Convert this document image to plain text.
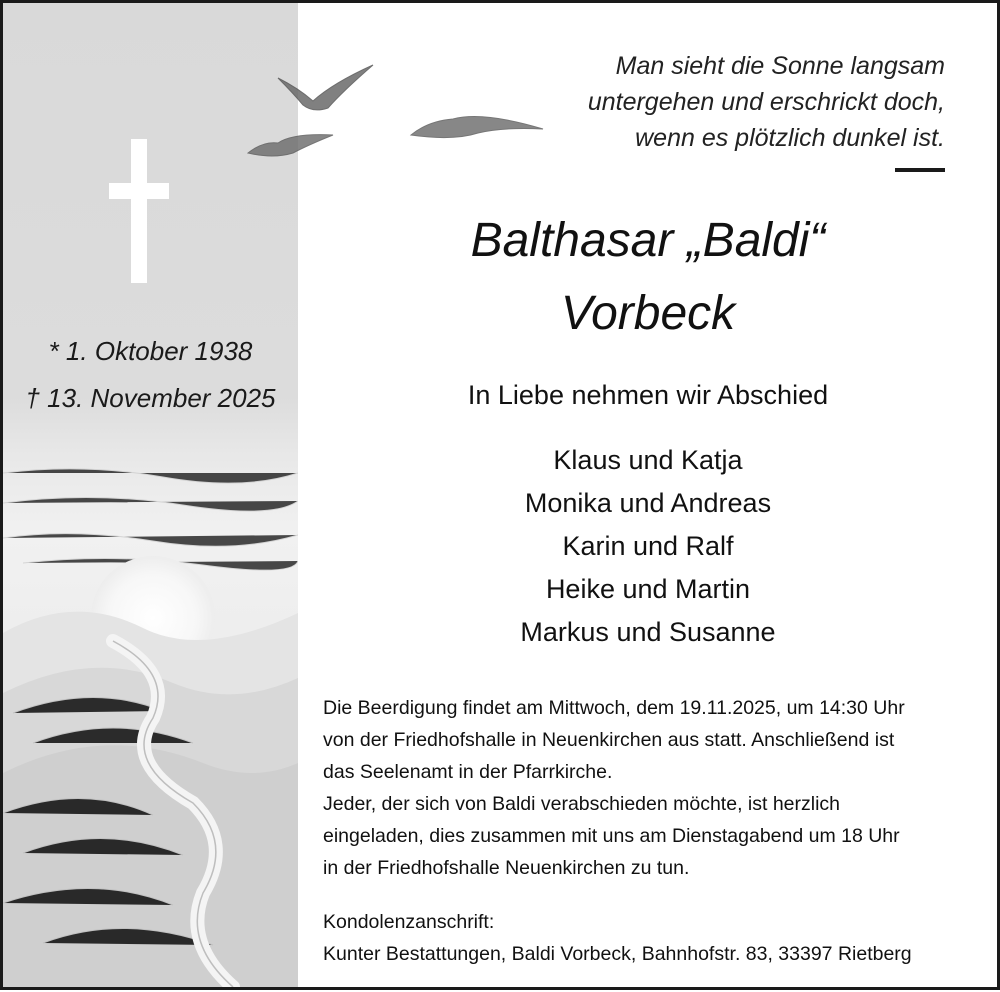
* 1. Oktober 1938
† 13. November 2025
Man sieht die Sonne langsam
untergehen und erschrickt doch,
wenn es plötzlich dunkel ist.
Balthasar „Baldi“
Vorbeck
In Liebe nehmen wir Abschied
Klaus und Katja
Monika und Andreas
Karin und Ralf
Heike und Martin
Markus und Susanne
Die Beerdigung findet am Mittwoch, dem 19.11.2025, um 14:30 Uhr
von der Friedhofshalle in Neuenkirchen aus statt. Anschließend ist
das Seelenamt in der Pfarrkirche.
Jeder, der sich von Baldi verabschieden möchte, ist herzlich
eingeladen, dies zusammen mit uns am Dienstagabend um 18 Uhr
in der Friedhofshalle Neuenkirchen zu tun.
Kondolenzanschrift:
Kunter Bestattungen, Baldi Vorbeck, Bahnhofstr. 83, 33397 Rietberg
